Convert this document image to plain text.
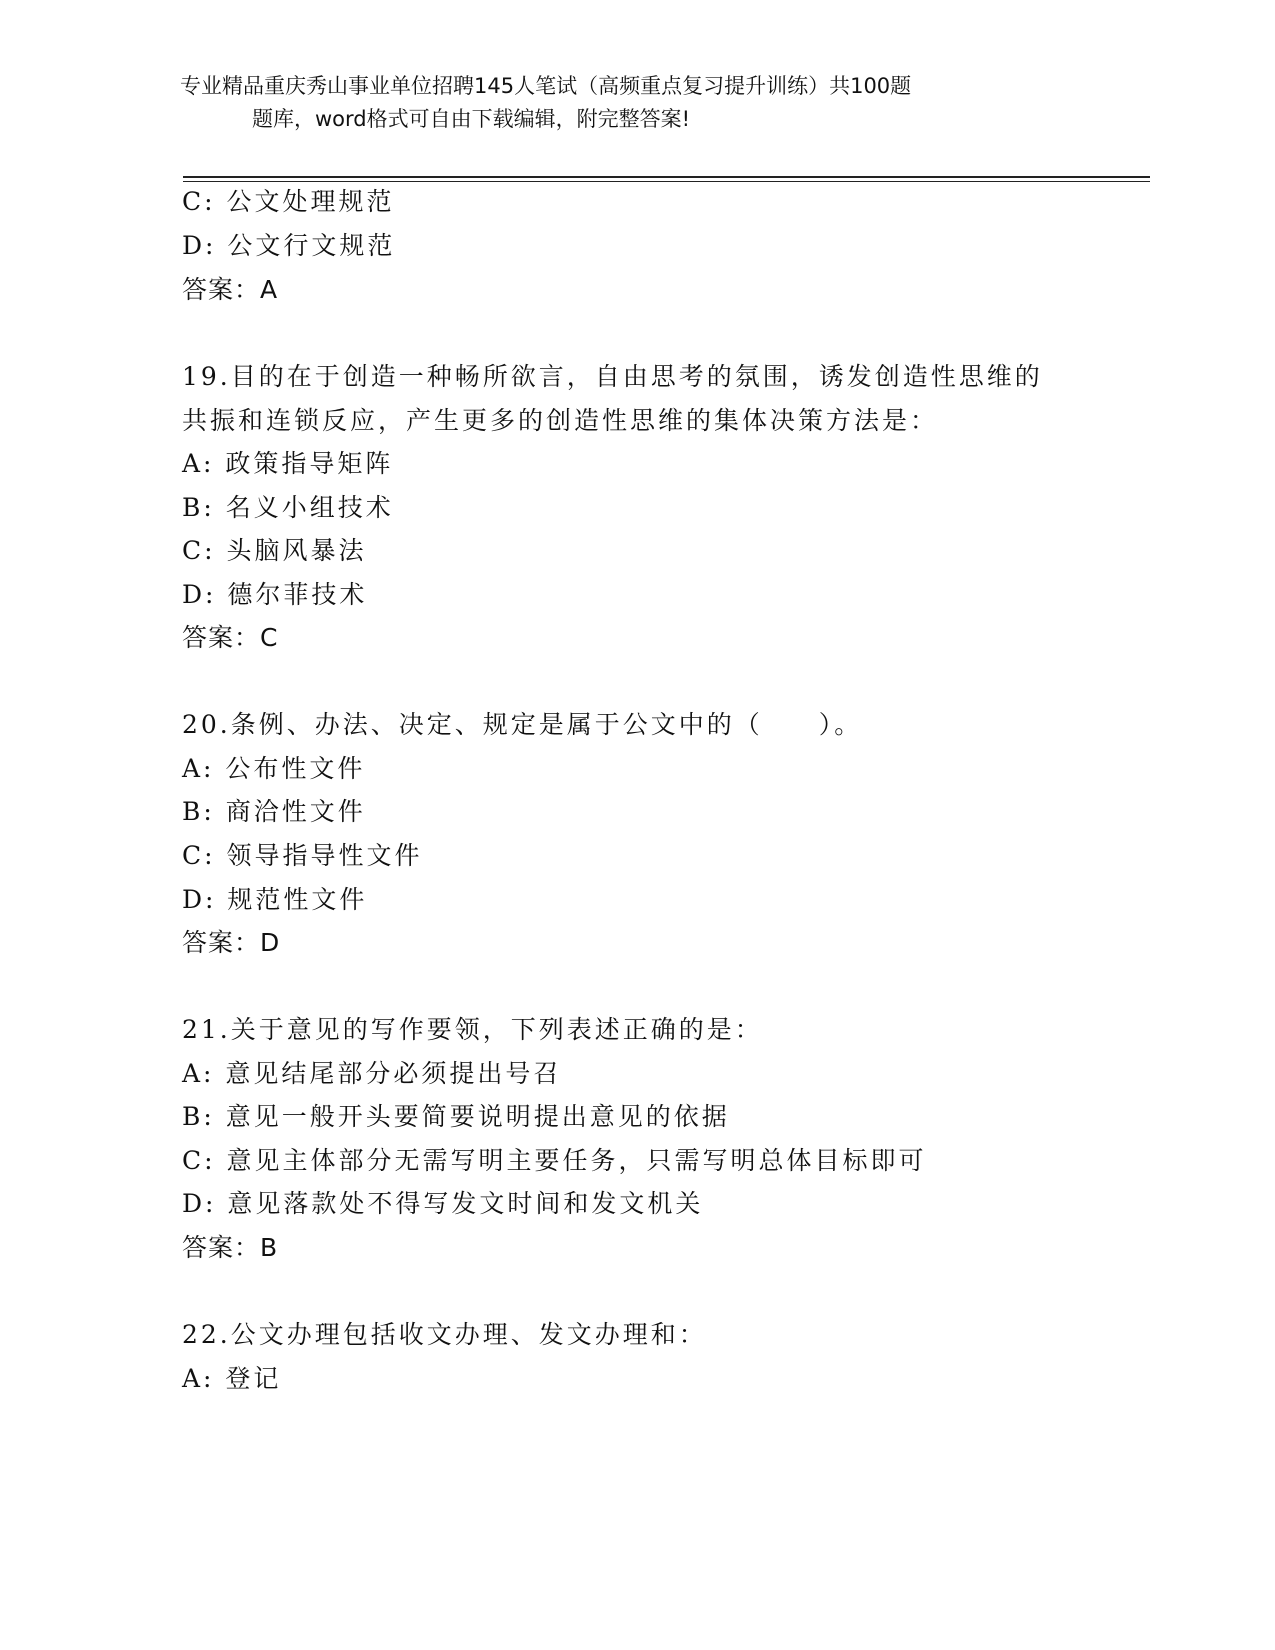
专业精品重庆秀山事业单位招聘145人笔试（高频重点复习提升训练）共100题
题库，word格式可自由下载编辑，附完整答案!
C: 公文处理规范
D: 公文行文规范
答案：A
19.目的在于创造一种畅所欲言，自由思考的氛围，诱发创造性思维的
共振和连锁反应，产生更多的创造性思维的集体决策方法是：
A: 政策指导矩阵
B: 名义小组技术
C: 头脑风暴法
D: 德尔菲技术
答案：C
20.条例、办法、决定、规定是属于公文中的（　　）。
A: 公布性文件
B: 商洽性文件
C: 领导指导性文件
D: 规范性文件
答案：D
21.关于意见的写作要领，下列表述正确的是：
A: 意见结尾部分必须提出号召
B: 意见一般开头要简要说明提出意见的依据
C: 意见主体部分无需写明主要任务，只需写明总体目标即可
D: 意见落款处不得写发文时间和发文机关
答案：B
22.公文办理包括收文办理、发文办理和：
A: 登记
